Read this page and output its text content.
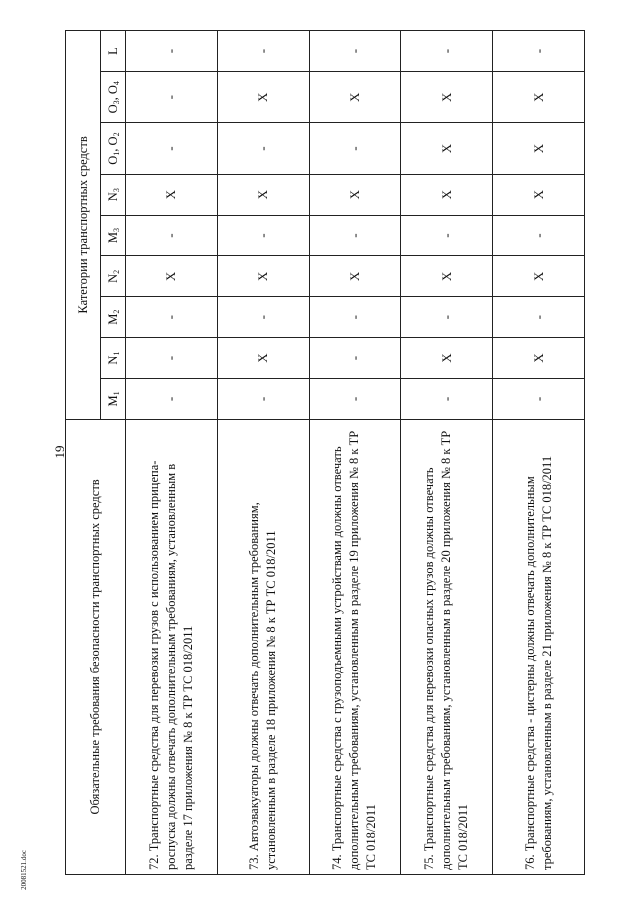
19
Обязательные требования безопасности транспортных средств	Категории транспортных средств								
	$M_1$	$N_1$	$M_2$	$N_2$	$M_3$	$N_3$	$O_1$, $O_2$	$O_3$, $O_4$	L
72. Транспортные средства для перевозки грузов с использованием прицепа-роспуска должны отвечать дополнительным требованиям, установленным в разделе 17 приложения № 8 к ТР ТС 018/2011	-	-	-	X	-	X	-	-	-
73. Автоэвакуаторы должны отвечать дополнительным требованиям, установленным в разделе 18 приложения № 8 к ТР ТС 018/2011	-	X	-	X	-	X	-	X	-
74. Транспортные средства с грузоподъемными устройствами должны отвечать дополнительным требованиям, установленным в разделе 19 приложения № 8 к ТР ТС 018/2011	-	-	-	X	-	X	-	X	-
75. Транспортные средства для перевозки опасных грузов должны отвечать дополнительным требованиям, установленным в разделе 20 приложения № 8 к ТР ТС 018/2011	-	X	-	X	-	X	X	X	-
76. Транспортные средства - цистерны должны отвечать дополнительным требованиям, установленным в разделе 21 приложения № 8 к ТР ТС 018/2011	-	X	-	X	-	X	X	X	-
20081521.doc
